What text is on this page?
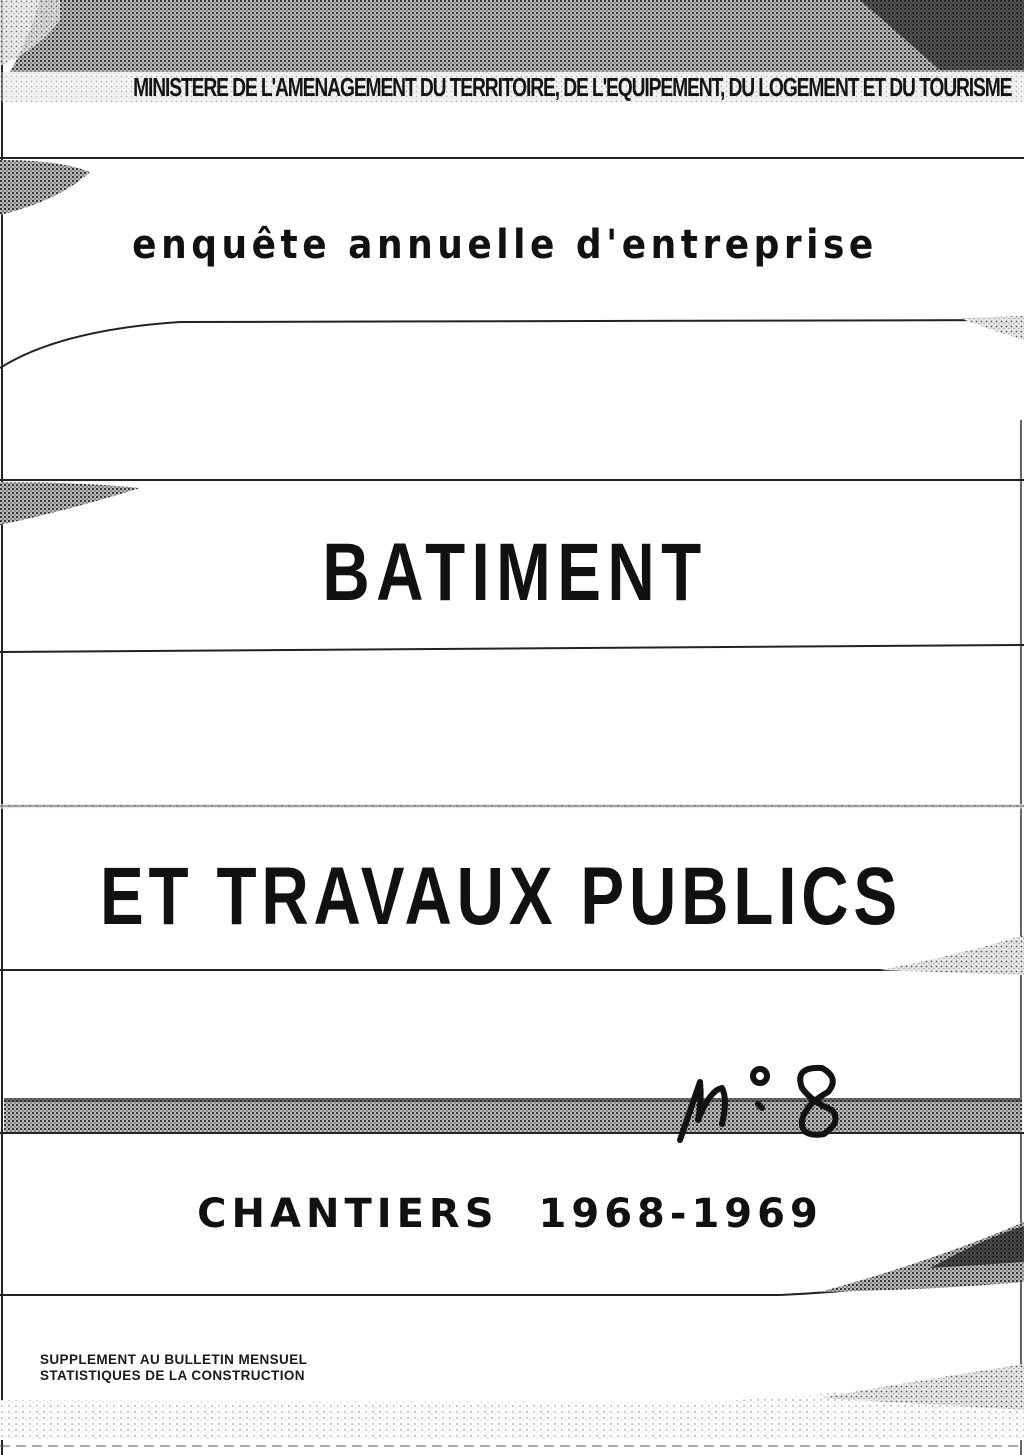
MINISTERE DE L'AMENAGEMENT DU TERRITOIRE, DE L'EQUIPEMENT, DU LOGEMENT ET DU TOURISME
enquête annuelle d'entreprise
BATIMENT
ET TRAVAUX PUBLICS
CHANTIERS 1968-1969
SUPPLEMENT AU BULLETIN MENSUEL
STATISTIQUES DE LA CONSTRUCTION
